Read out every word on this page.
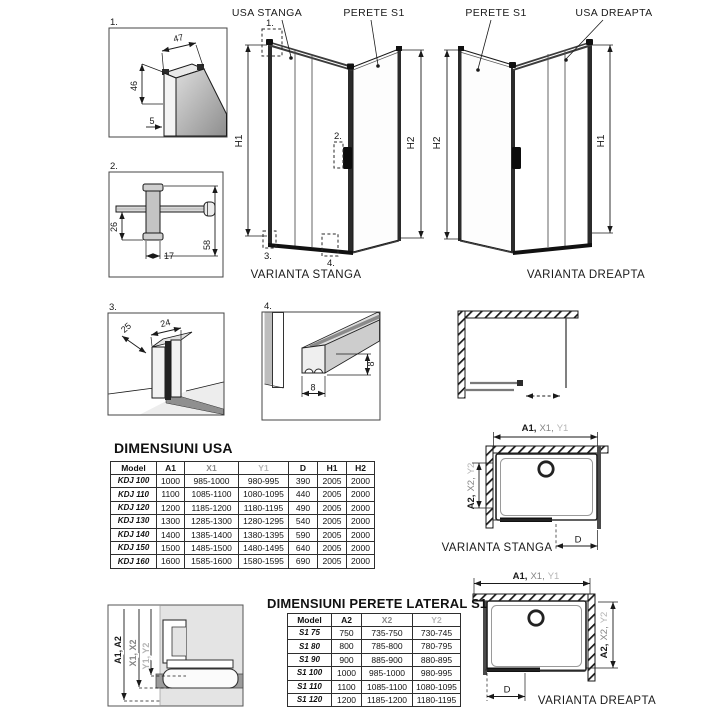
1.
47
46
5
2.
26
17
58
USA STANGA	PERETE S1
H1	H2
1.
2.
3.
4.
VARIANTA STANGA
PERETE S1	USA DREAPTA
H2	H1
VARIANTA DREAPTA
3.
24
25
4.
8
8
A1, X1, Y1
A2,X2,Y2
D
VARIANTA STANGA
A1, X1, Y1
A2,X2,Y2
D
VARIANTA DREAPTA
A1, A2 X1, X2 Y1, Y2
DIMENSIUNI USA
Model	A1	X1	Y1	D	H1	H2
KDJ 100	1000	985-1000	980-995	390	2005	2000
KDJ 110	1100	1085-1100	1080-1095	440	2005	2000
KDJ 120	1200	1185-1200	1180-1195	490	2005	2000
KDJ 130	1300	1285-1300	1280-1295	540	2005	2000
KDJ 140	1400	1385-1400	1380-1395	590	2005	2000
KDJ 150	1500	1485-1500	1480-1495	640	2005	2000
KDJ 160	1600	1585-1600	1580-1595	690	2005	2000
DIMENSIUNI PERETE LATERAL S1
Model	A2	X2	Y2
S1 75	750	735-750	730-745
S1 80	800	785-800	780-795
S1 90	900	885-900	880-895
S1 100	1000	985-1000	980-995
S1 110	1100	1085-1100	1080-1095
S1 120	1200	1185-1200	1180-1195
